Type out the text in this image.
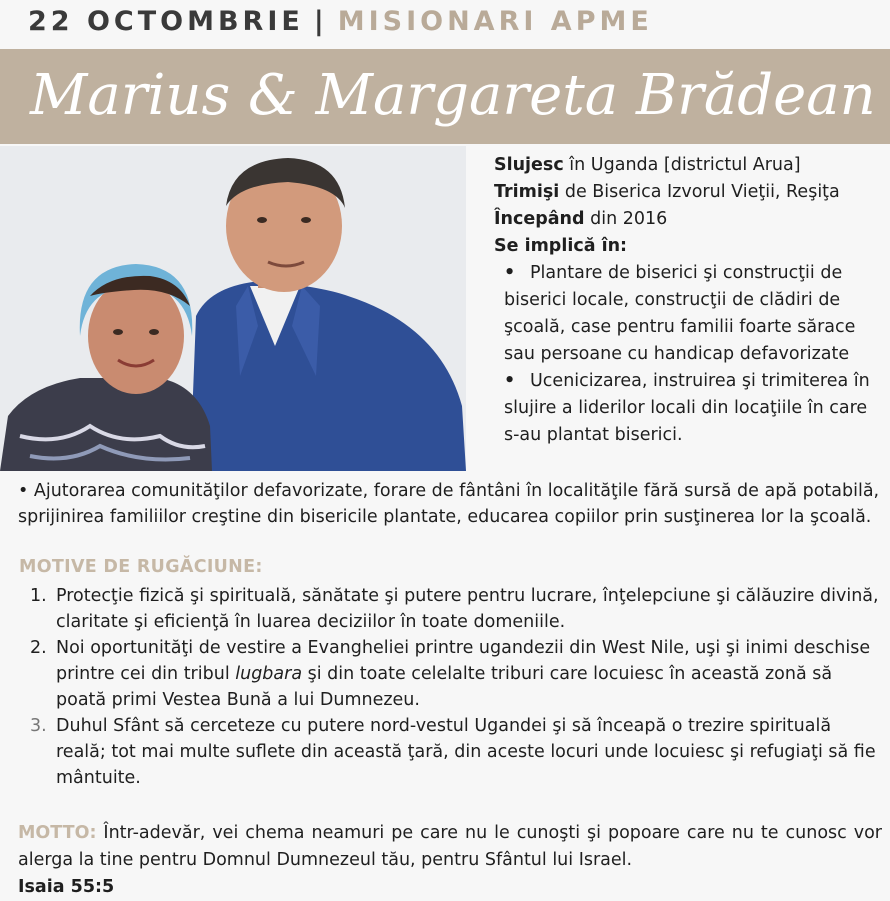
22 OCTOMBRIE | MISIONARI APME
Marius & Margareta Brădean

Slujesc în Uganda [districtul Arua]

Trimişi de Biserica Izvorul Vieţii, Reşiţa

Începând din 2016

Se implică în:

• Plantare de biserici şi construcţii de biserici locale, construcţii de clădiri de şcoală, case pentru familii foarte sărace sau persoane cu handicap defavorizate

• Ucenicizarea, instruirea şi trimiterea în slujire a liderilor locali din locaţiile în care s-au plantat biserici.

• Ajutorarea comunităţilor defavorizate, forare de fântâni în localităţile fără sursă de apă potabilă, sprijinirea familiilor creştine din bisericile plantate, educarea copiilor prin susţinerea lor la şcoală.
MOTIVE DE RUGĂCIUNE:
1. Protecţie fizică şi spirituală, sănătate şi putere pentru lucrare, înţelepciune şi călăuzire divină, claritate şi eficienţă în luarea deciziilor în toate domeniile.
2. Noi oportunităţi de vestire a Evangheliei printre ugandezii din West Nile, uşi şi inimi deschise printre cei din tribul lugbara şi din toate celelalte triburi care locuiesc în această zonă să poată primi Vestea Bună a lui Dumnezeu.
3. Duhul Sfânt să cerceteze cu putere nord-vestul Ugandei şi să înceapă o trezire spirituală reală; tot mai multe suflete din această ţară, din aceste locuri unde locuiesc şi refugiaţi să fie mântuite.
MOTTO: Într-adevăr, vei chema neamuri pe care nu le cunoşti şi popoare care nu te cunosc vor alerga la tine pentru Domnul Dumnezeul tău, pentru Sfântul lui Israel.
Isaia 55:5
